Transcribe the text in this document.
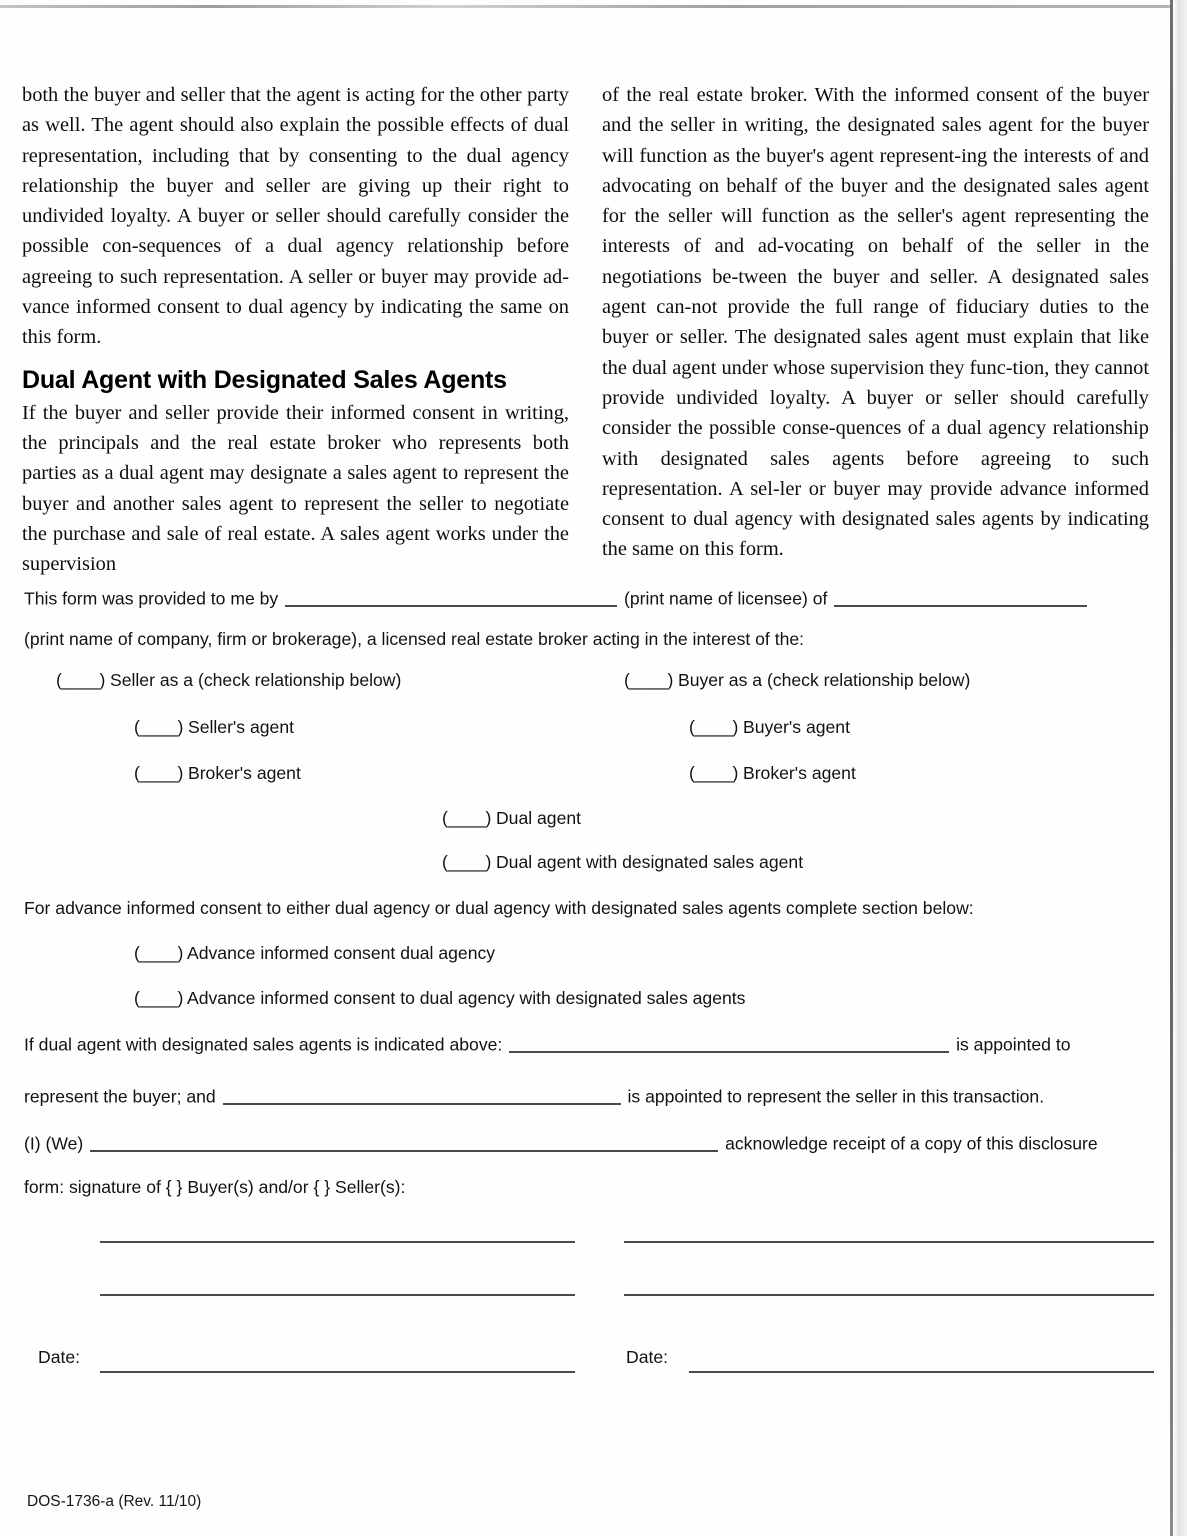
both the buyer and seller that the agent is acting for the other party as well. The agent should also explain the possible effects of dual representation, including that by consenting to the dual agency relationship the buyer and seller are giving up their right to undivided loyalty. A buyer or seller should carefully consider the possible con-sequences of a dual agency relationship before agreeing to such representation. A seller or buyer may provide ad-vance informed consent to dual agency by indicating the same on this form.

Dual Agent with Designated Sales Agents

If the buyer and seller provide their informed consent in writing, the principals and the real estate broker who represents both parties as a dual agent may designate a sales agent to represent the buyer and another sales agent to represent the seller to negotiate the purchase and sale of real estate. A sales agent works under the supervision

of the real estate broker. With the informed consent of the buyer and the seller in writing, the designated sales agent for the buyer will function as the buyer's agent represent-ing the interests of and advocating on behalf of the buyer and the designated sales agent for the seller will function as the seller's agent representing the interests of and ad-vocating on behalf of the seller in the negotiations be-tween the buyer and seller. A designated sales agent can-not provide the full range of fiduciary duties to the buyer or seller. The designated sales agent must explain that like the dual agent under whose supervision they func-tion, they cannot provide undivided loyalty. A buyer or seller should carefully consider the possible conse-quences of a dual agency relationship with designated sales agents before agreeing to such representation. A sel-ler or buyer may provide advance informed consent to dual agency with designated sales agents by indicating the same on this form.

This form was provided to me by	(print name of licensee) of
(print name of company, firm or brokerage), a licensed real estate broker acting in the interest of the:
(____) Seller as a (check relationship below)	(____) Buyer as a (check relationship below)
(____) Seller's agent	(____) Buyer's agent
(____) Broker's agent	(____) Broker's agent
(____) Dual agent
(____) Dual agent with designated sales agent
For advance informed consent to either dual agency or dual agency with designated sales agents complete section below:
(____) Advance informed consent dual agency
(____) Advance informed consent to dual agency with designated sales agents
If dual agent with designated sales agents is indicated above:	is appointed to
represent the buyer; and	is appointed to represent the seller in this transaction.
(I) (We)	acknowledge receipt of a copy of this disclosure
form: signature of { } Buyer(s) and/or { } Seller(s):
Date:	Date:
DOS-1736-a (Rev. 11/10)
